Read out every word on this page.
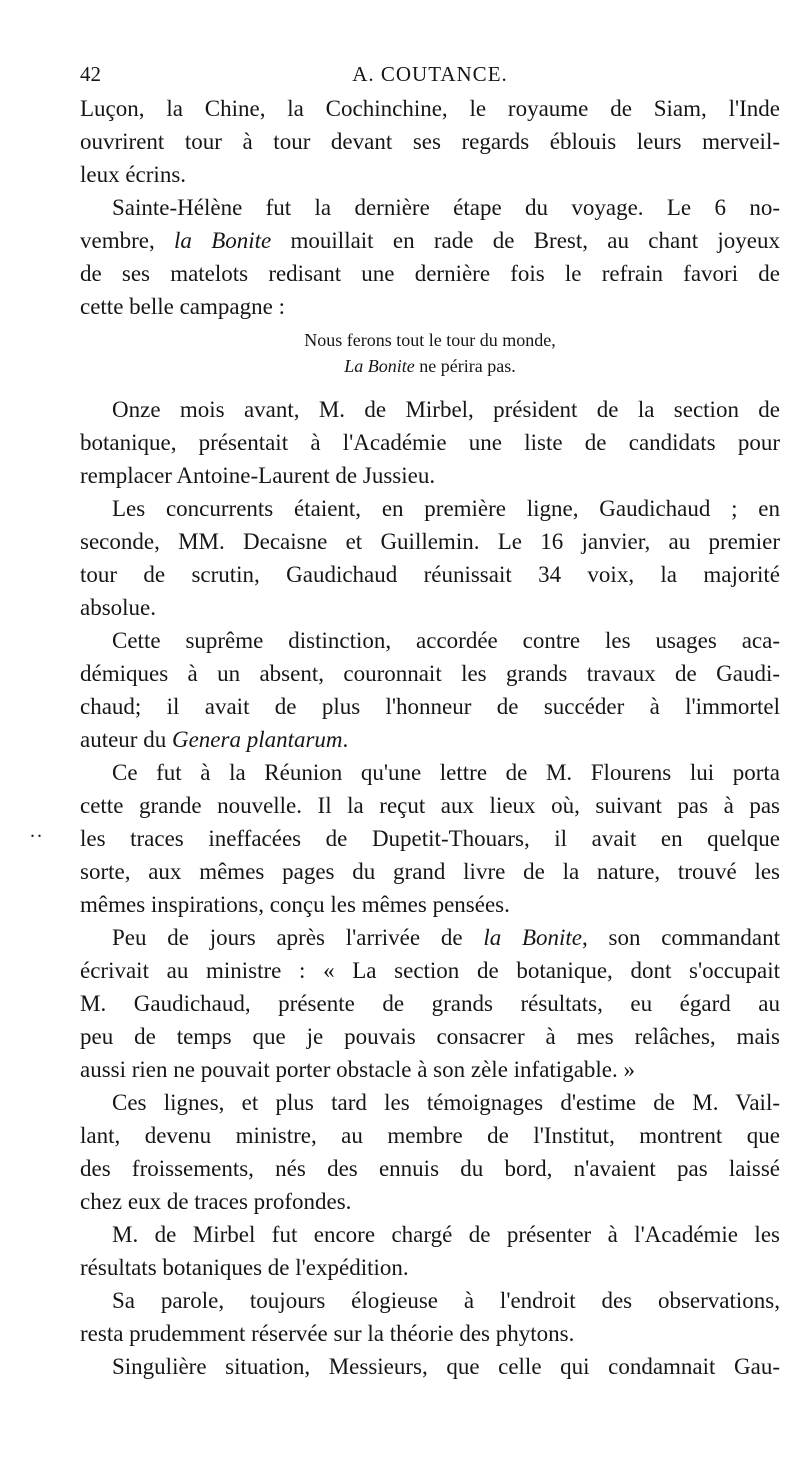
42	A. COUTANCE.
..
Luçon, la Chine, la Cochinchine, le royaume de Siam, l'Inde
ouvrirent tour à tour devant ses regards éblouis leurs merveil-
leux écrins.
Sainte-Hélène fut la dernière étape du voyage. Le 6 no-
vembre, la Bonite mouillait en rade de Brest, au chant joyeux
de ses matelots redisant une dernière fois le refrain favori de
cette belle campagne :
Nous ferons tout le tour du monde,
La Bonite ne périra pas.
Onze mois avant, M. de Mirbel, président de la section de
botanique, présentait à l'Académie une liste de candidats pour
remplacer Antoine-Laurent de Jussieu.
Les concurrents étaient, en première ligne, Gaudichaud ; en
seconde, MM. Decaisne et Guillemin. Le 16 janvier, au premier
tour de scrutin, Gaudichaud réunissait 34 voix, la majorité
absolue.
Cette suprême distinction, accordée contre les usages aca-
démiques à un absent, couronnait les grands travaux de Gaudi-
chaud; il avait de plus l'honneur de succéder à l'immortel
auteur du Genera plantarum.
Ce fut à la Réunion qu'une lettre de M. Flourens lui porta
cette grande nouvelle. Il la reçut aux lieux où, suivant pas à pas
les traces ineffacées de Dupetit-Thouars, il avait en quelque
sorte, aux mêmes pages du grand livre de la nature, trouvé les
mêmes inspirations, conçu les mêmes pensées.
Peu de jours après l'arrivée de la Bonite, son commandant
écrivait au ministre : « La section de botanique, dont s'occupait
M. Gaudichaud, présente de grands résultats, eu égard au
peu de temps que je pouvais consacrer à mes relâches, mais
aussi rien ne pouvait porter obstacle à son zèle infatigable. »
Ces lignes, et plus tard les témoignages d'estime de M. Vail-
lant, devenu ministre, au membre de l'Institut, montrent que
des froissements, nés des ennuis du bord, n'avaient pas laissé
chez eux de traces profondes.
M. de Mirbel fut encore chargé de présenter à l'Académie les
résultats botaniques de l'expédition.
Sa parole, toujours élogieuse à l'endroit des observations,
resta prudemment réservée sur la théorie des phytons.
Singulière situation, Messieurs, que celle qui condamnait Gau-
